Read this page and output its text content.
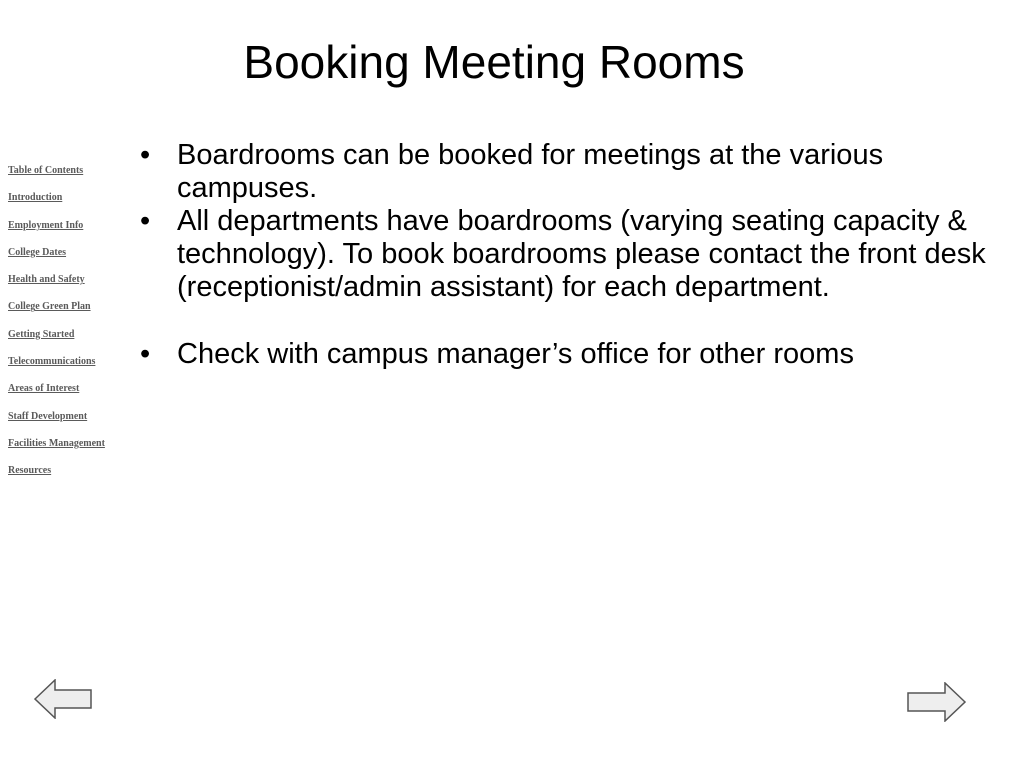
Booking Meeting Rooms
Table of Contents
Introduction
Employment Info
College Dates
Health and Safety
College Green Plan
Getting Started
Telecommunications
Areas of Interest
Staff Development
Facilities Management
Resources
• Boardrooms can be booked for meetings at the various campuses.
• All departments have boardrooms (varying seating capacity & technology). To book boardrooms please contact the front desk (receptionist/admin assistant) for each department.
• Check with campus manager’s office for other rooms
